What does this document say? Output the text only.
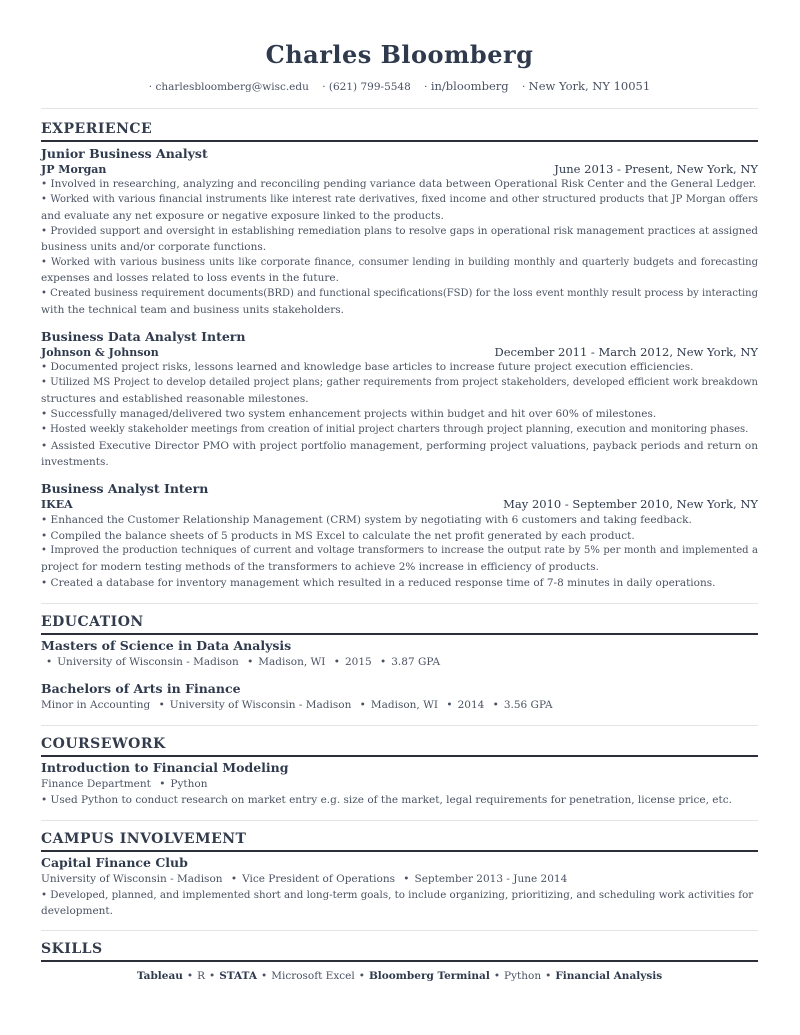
Charles Bloomberg
· charlesbloomberg@wisc.edu · (621) 799-5548 · in/bloomberg · New York, NY 10051
EXPERIENCE
Junior Business Analyst
JP Morgan	June 2013 - Present, New York, NY
• Involved in researching, analyzing and reconciling pending variance data between Operational Risk Center and the General Ledger.
• Worked with various financial instruments like interest rate derivatives, fixed income and other structured products that JP Morgan offers
and evaluate any net exposure or negative exposure linked to the products.
• Provided support and oversight in establishing remediation plans to resolve gaps in operational risk management practices at assigned
business units and/or corporate functions.
• Worked with various business units like corporate finance, consumer lending in building monthly and quarterly budgets and forecasting
expenses and losses related to loss events in the future.
• Created business requirement documents(BRD) and functional specifications(FSD) for the loss event monthly result process by interacting
with the technical team and business units stakeholders.
Business Data Analyst Intern
Johnson & Johnson	December 2011 - March 2012, New York, NY
• Documented project risks, lessons learned and knowledge base articles to increase future project execution efficiencies.
• Utilized MS Project to develop detailed project plans; gather requirements from project stakeholders, developed efficient work breakdown
structures and established reasonable milestones.
• Successfully managed/delivered two system enhancement projects within budget and hit over 60% of milestones.
• Hosted weekly stakeholder meetings from creation of initial project charters through project planning, execution and monitoring phases.
• Assisted Executive Director PMO with project portfolio management, performing project valuations, payback periods and return on
investments.
Business Analyst Intern
IKEA	May 2010 - September 2010, New York, NY
• Enhanced the Customer Relationship Management (CRM) system by negotiating with 6 customers and taking feedback.
• Compiled the balance sheets of 5 products in MS Excel to calculate the net profit generated by each product.
• Improved the production techniques of current and voltage transformers to increase the output rate by 5% per month and implemented a
project for modern testing methods of the transformers to achieve 2% increase in efficiency of products.
• Created a database for inventory management which resulted in a reduced response time of 7-8 minutes in daily operations.
EDUCATION
Masters of Science in Data Analysis
• University of Wisconsin - Madison • Madison, WI • 2015 • 3.87 GPA
Bachelors of Arts in Finance
Minor in Accounting • University of Wisconsin - Madison • Madison, WI • 2014 • 3.56 GPA
COURSEWORK
Introduction to Financial Modeling
Finance Department • Python
• Used Python to conduct research on market entry e.g. size of the market, legal requirements for penetration, license price, etc.
CAMPUS INVOLVEMENT
Capital Finance Club
University of Wisconsin - Madison • Vice President of Operations • September 2013 - June 2014
• Developed, planned, and implemented short and long-term goals, to include organizing, prioritizing, and scheduling work activities for
development.
SKILLS
Tableau • R • STATA • Microsoft Excel • Bloomberg Terminal • Python • Financial Analysis
